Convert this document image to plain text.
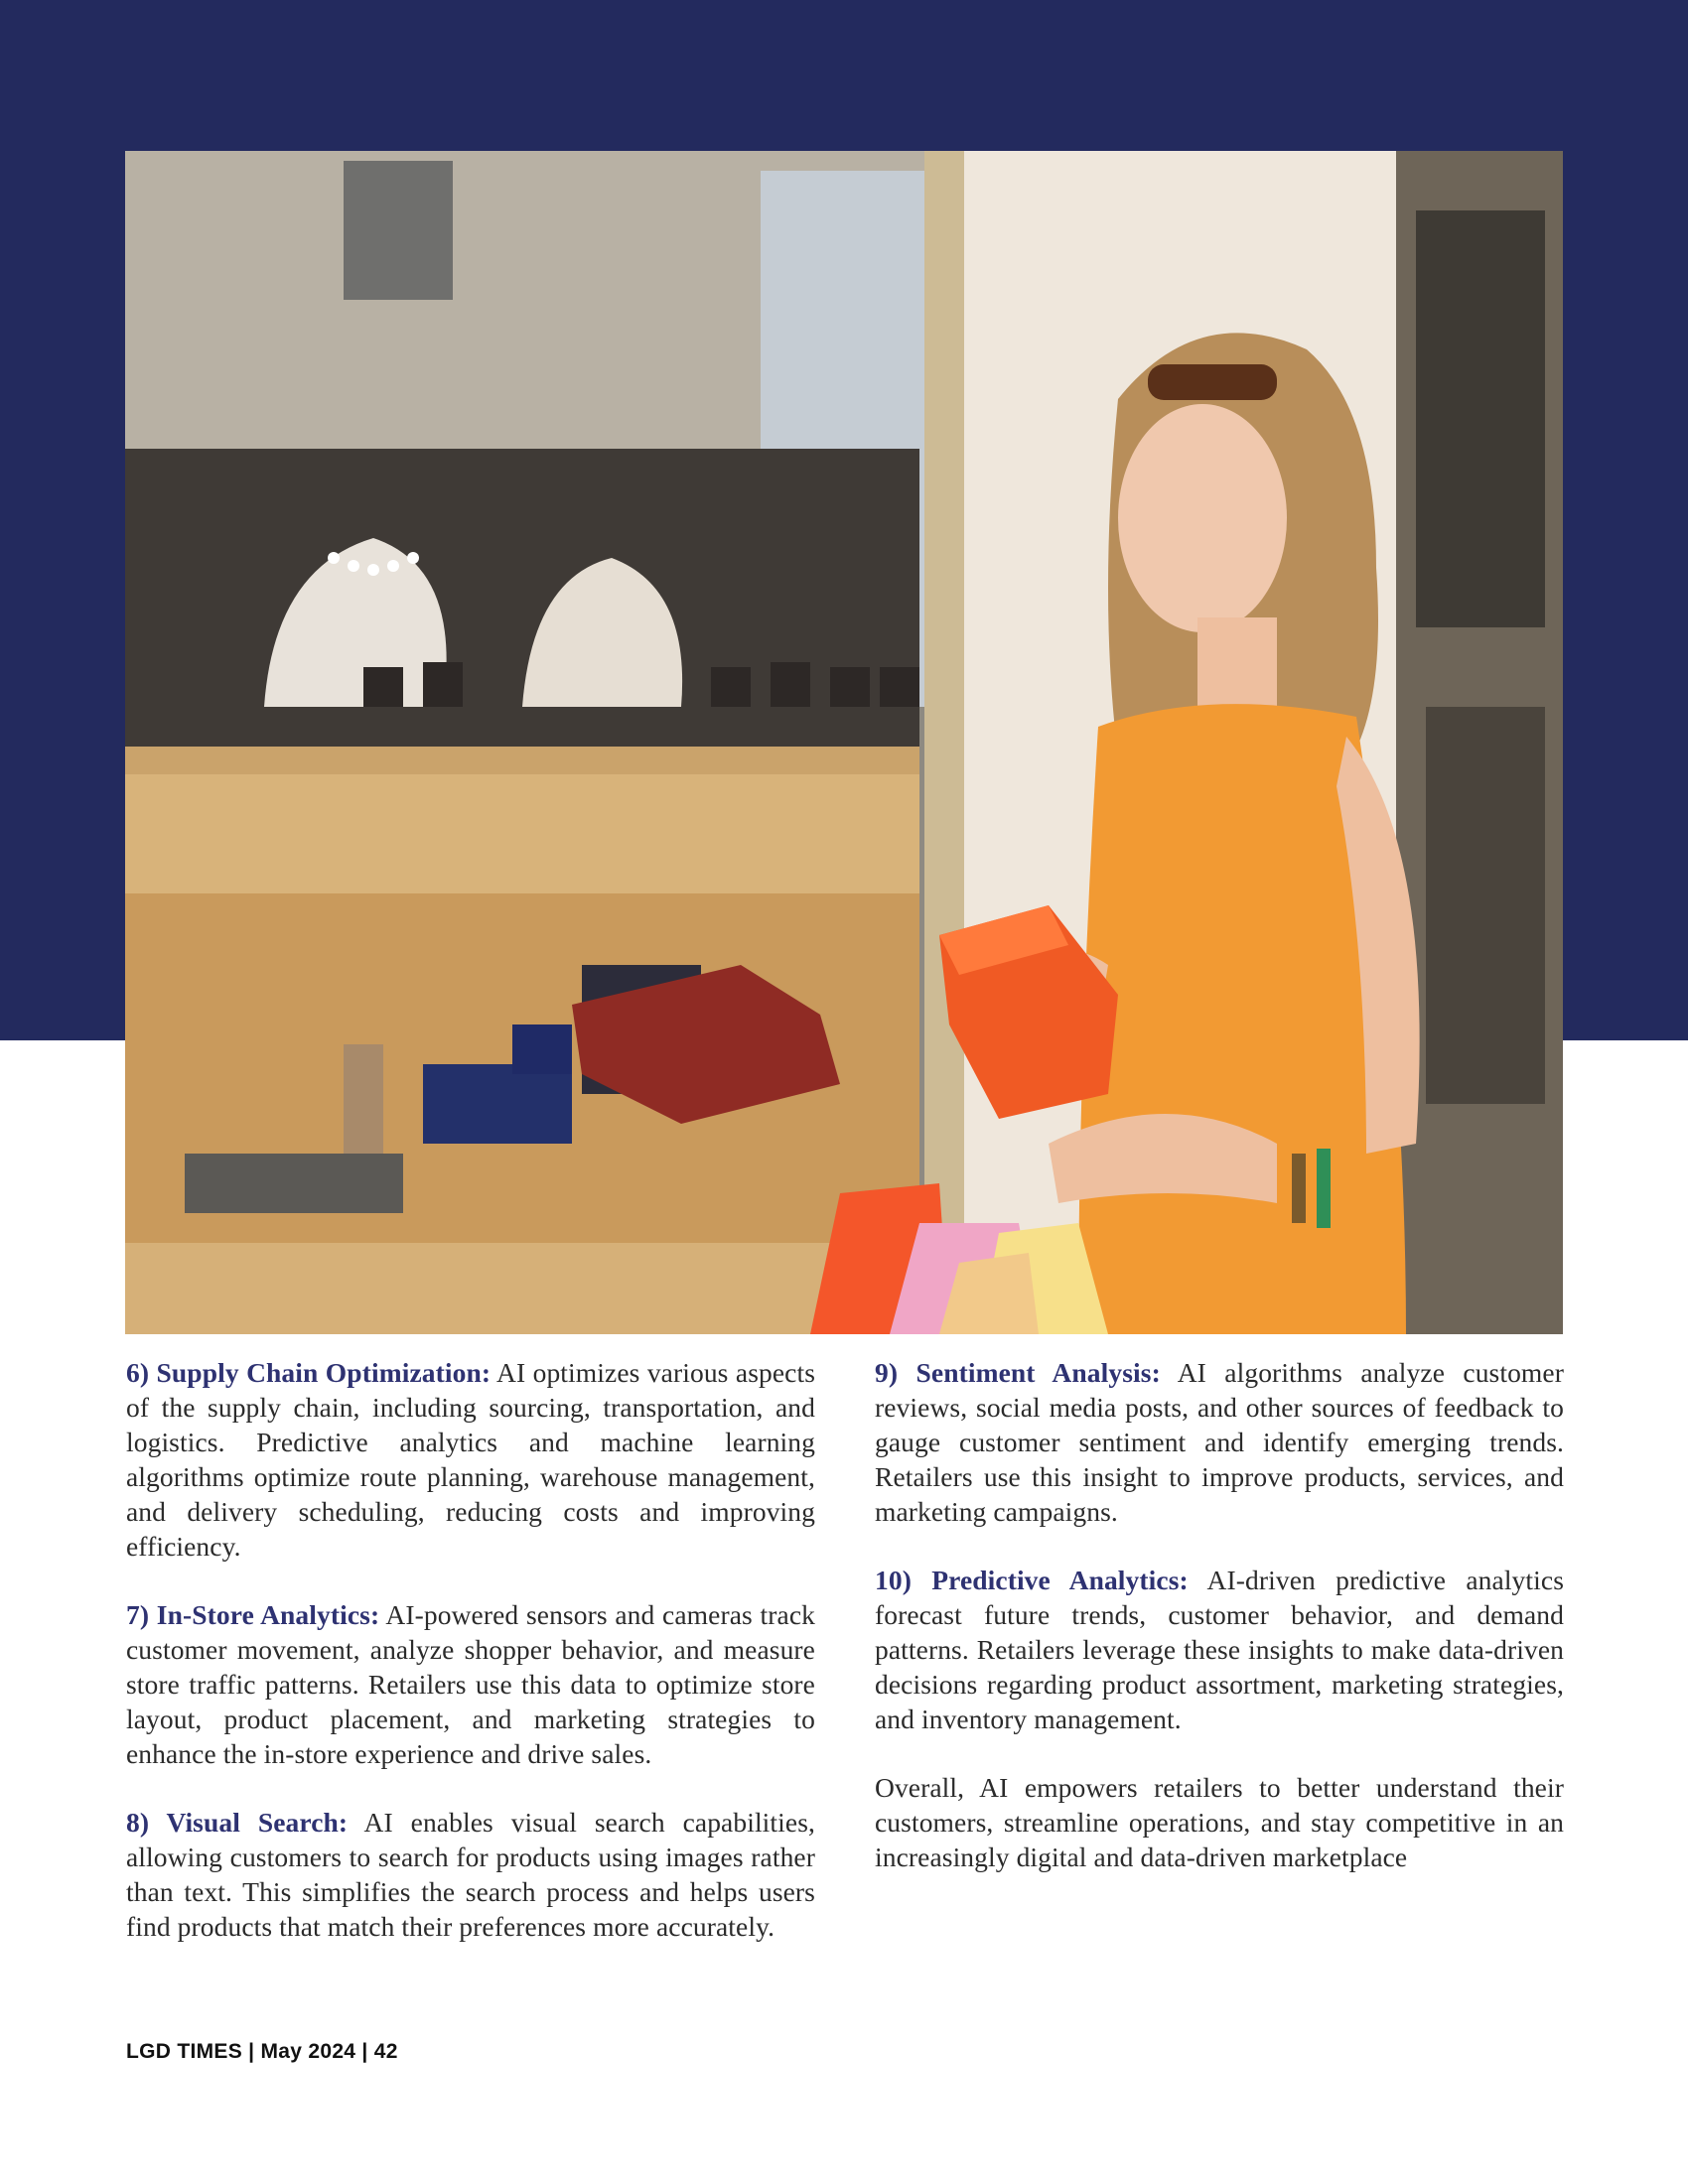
6) Supply Chain Optimization: AI optimizes various aspects of the supply chain, including sourcing, transportation, and logistics. Predictive analytics and machine learning algorithms optimize route planning, warehouse management, and delivery scheduling, reducing costs and improving efficiency.

7) In-Store Analytics: AI-powered sensors and cameras track customer movement, analyze shopper behavior, and measure store traffic patterns. Retailers use this data to optimize store layout, product placement, and marketing strategies to enhance the in-store experience and drive sales.

8) Visual Search: AI enables visual search capabilities, allowing customers to search for products using images rather than text. This simplifies the search process and helps users find products that match their preferences more accurately.

9) Sentiment Analysis: AI algorithms analyze customer reviews, social media posts, and other sources of feedback to gauge customer sentiment and identify emerging trends. Retailers use this insight to improve products, services, and marketing campaigns.

10) Predictive Analytics: AI-driven predictive analytics forecast future trends, customer behavior, and demand patterns. Retailers leverage these insights to make data-driven decisions regarding product assortment, marketing strategies, and inventory management.

Overall, AI empowers retailers to better understand their customers, streamline operations, and stay competitive in an increasingly digital and data-driven marketplace

LGD TIMES | May 2024 | 42
